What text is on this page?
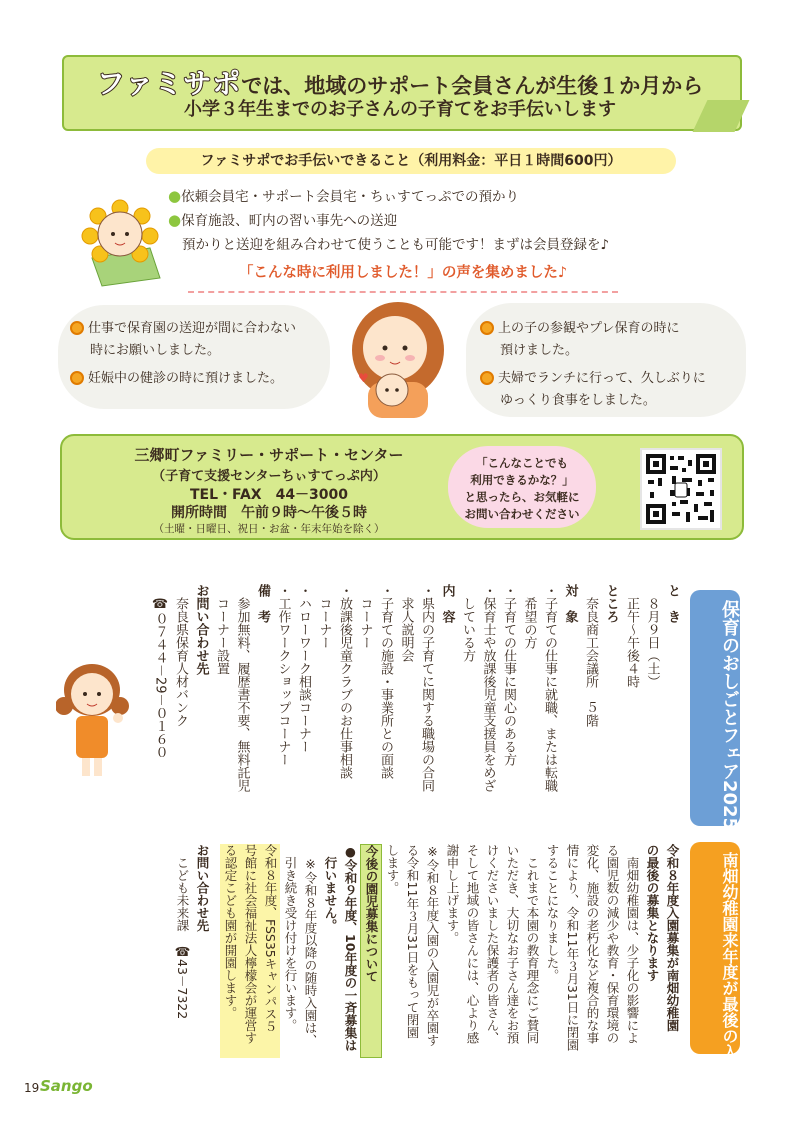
ファミサポでは、地域のサポート会員さんが生後１か月から
小学３年生までのお子さんの子育てをお手伝いします
ファミサポでお手伝いできること（利用料金：平日１時間600円）
●依頼会員宅・サポート会員宅・ちぃすてっぷでの預かり
●保育施設、町内の習い事先への送迎
預かりと送迎を組み合わせて使うことも可能です！まずは会員登録を♪
「こんな時に利用しました！」の声を集めました♪
仕事で保育園の送迎が間に合わない
時にお願いしました。
妊娠中の健診の時に預けました。
上の子の参観やプレ保育の時に
預けました。
夫婦でランチに行って、久しぶりに
ゆっくり食事をしました。
♥
三郷町ファミリー・サポート・センター
（子育て支援センターちぃすてっぷ内）
TEL・FAX　44－3000
開所時間　午前９時～午後５時
（土曜・日曜日、祝日・お盆・年末年始を除く）
「こんなことでも
利用できるかな？」
と思ったら、お気軽に
お問い合わせください
保育のおしごとフェア2025
と　き
　８月９日（土）
　正午～午後４時
ところ
　奈良商工会議所　５階
対　象
・子育ての仕事に就職、または転職
　希望の方
・子育ての仕事に関心のある方
・保育士や放課後児童支援員をめざ
　している方
内　容
・県内の子育てに関する職場の合同
　求人説明会
・子育ての施設・事業所との面談
　コーナー
・放課後児童クラブのお仕事相談
　コーナー
・ハローワーク相談コーナー
・工作ワークショップコーナー
備　考
　参加無料、履歴書不要、無料託児
　コーナー設置
お問い合わせ先
　奈良県保育人材バンク
　☎０７４４－29－０１６０
南畑幼稚園来年度が最後の入園
令和８年度入園募集が南畑幼稚園
の最後の募集となります
　南畑幼稚園は、少子化の影響によ
る園児数の減少や教育・保育環境の
変化、施設の老朽化など複合的な事
情により、令和11年３月31日に閉園
することになりました。
　これまで本園の教育理念にご賛同
いただき、大切なお子さん達をお預
けくださいました保護者の皆さん、
そして地域の皆さんには、心より感
謝申し上げます。
※令和８年度入園の入園児が卒園す
る令和11年３月31日をもって閉園
します。
今後の園児募集について
●令和９年度、10年度の一斉募集は
　行いません。
　※令和８年度以降の随時入園は、
　引き続き受け付けを行います。
令和８年度、FSS35キャンパス５
号館に社会福祉法人檸檬会が運営す
る認定こども園が開園します。
お問い合わせ先
　こども未来課　☎43－7322
19 Sango
